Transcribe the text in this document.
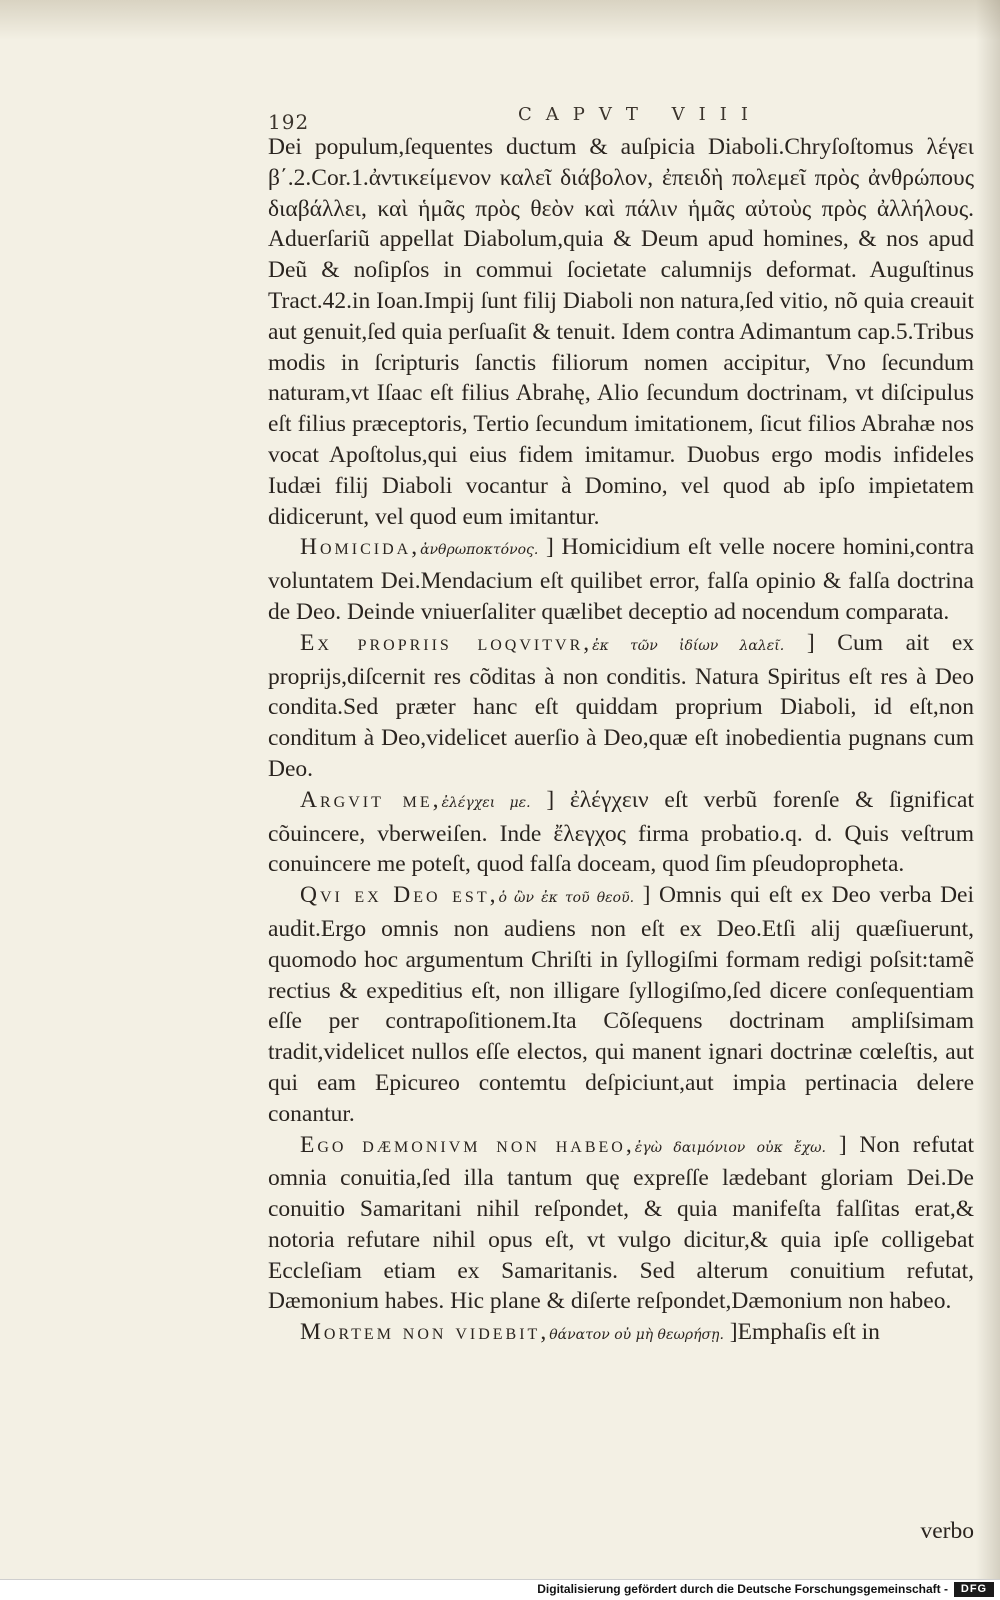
192	CAPVT VIII

Dei populum,ſequentes ductum & auſpicia Diaboli.Chryſoſtomus λέγει β΄.2.Cor.1.ἀντικείμενον καλεῖ διάβολον, ἐπειδὴ πολεμεῖ πρὸς ἀνθρώπους διαβάλλει, καὶ ἡμᾶς πρὸς θεὸν καὶ πάλιν ἡμᾶς αὐτοὺς πρὸς ἀλλήλους. Aduerſariũ appellat Diabolum,quia & Deum apud homines, & nos apud Deũ & noſipſos in commui ſocietate calumnijs deformat. Auguſtinus Tract.42.in Ioan.Impij ſunt filij Diaboli non natura,ſed vitio, nõ quia creauit aut genuit,ſed quia perſuaſit & tenuit. Idem contra Adimantum cap.5.Tribus modis in ſcripturis ſanctis filiorum nomen accipitur, Vno ſecundum naturam,vt Iſaac eſt filius Abrahę, Alio ſecundum doctrinam, vt diſcipulus eſt filius præceptoris, Tertio ſecundum imitationem, ſicut filios Abrahæ nos vocat Apoſtolus,qui eius fidem imitamur. Duobus ergo modis infideles Iudæi filij Diaboli vocantur à Domino, vel quod ab ipſo impietatem didicerunt, vel quod eum imitantur.

Homicida,ἀνθρωποκτόνος. ] Homicidium eſt velle nocere homini,contra voluntatem Dei.Mendacium eſt quilibet error, falſa opinio & falſa doctrina de Deo. Deinde vniuerſaliter quælibet deceptio ad nocendum comparata.

Ex propriis loqvitvr,ἐκ τῶν ἰδίων λαλεῖ. ] Cum ait ex proprijs,diſcernit res cõditas à non conditis. Natura Spiritus eſt res à Deo condita.Sed præter hanc eſt quiddam proprium Diaboli, id eſt,non conditum à Deo,videlicet auerſio à Deo,quæ eſt inobedientia pugnans cum Deo.

Argvit me,ἐλέγχει με. ] ἐλέγχειν eſt verbũ forenſe & ſignificat cõuincere, vberweiſen. Inde ἔλεγχος firma probatio.q. d. Quis veſtrum conuincere me poteſt, quod falſa doceam, quod ſim pſeudopropheta.

Qvi ex Deo est,ὁ ὢν ἐκ τοῦ θεοῦ. ] Omnis qui eſt ex Deo verba Dei audit.Ergo omnis non audiens non eſt ex Deo.Etſi alij quæſiuerunt, quomodo hoc argumentum Chriſti in ſyllogiſmi formam redigi poſsit:tamẽ rectius & expeditius eſt, non illigare ſyllogiſmo,ſed dicere conſequentiam eſſe per contrapoſitionem.Ita Cõſequens doctrinam ampliſsimam tradit,videlicet nullos eſſe electos, qui manent ignari doctrinæ cœleſtis, aut qui eam Epicureo contemtu deſpiciunt,aut impia pertinacia delere conantur.

Ego dæmonivm non habeo,ἐγὼ δαιμόνιον οὐκ ἔχω. ] Non refutat omnia conuitia,ſed illa tantum quę expreſſe lædebant gloriam Dei.De conuitio Samaritani nihil reſpondet, & quia manifeſta falſitas erat,& notoria refutare nihil opus eſt, vt vulgo dicitur,& quia ipſe colligebat Eccleſiam etiam ex Samaritanis. Sed alterum conuitium refutat, Dæmonium habes. Hic plane & diſerte reſpondet,Dæmonium non habeo.

Mortem non videbit,θάνατον οὐ μὴ θεωρήσῃ. ]Emphaſis eſt in

verbo
Digitalisierung gefördert durch die Deutsche Forschungsgemeinschaft -	DFG
